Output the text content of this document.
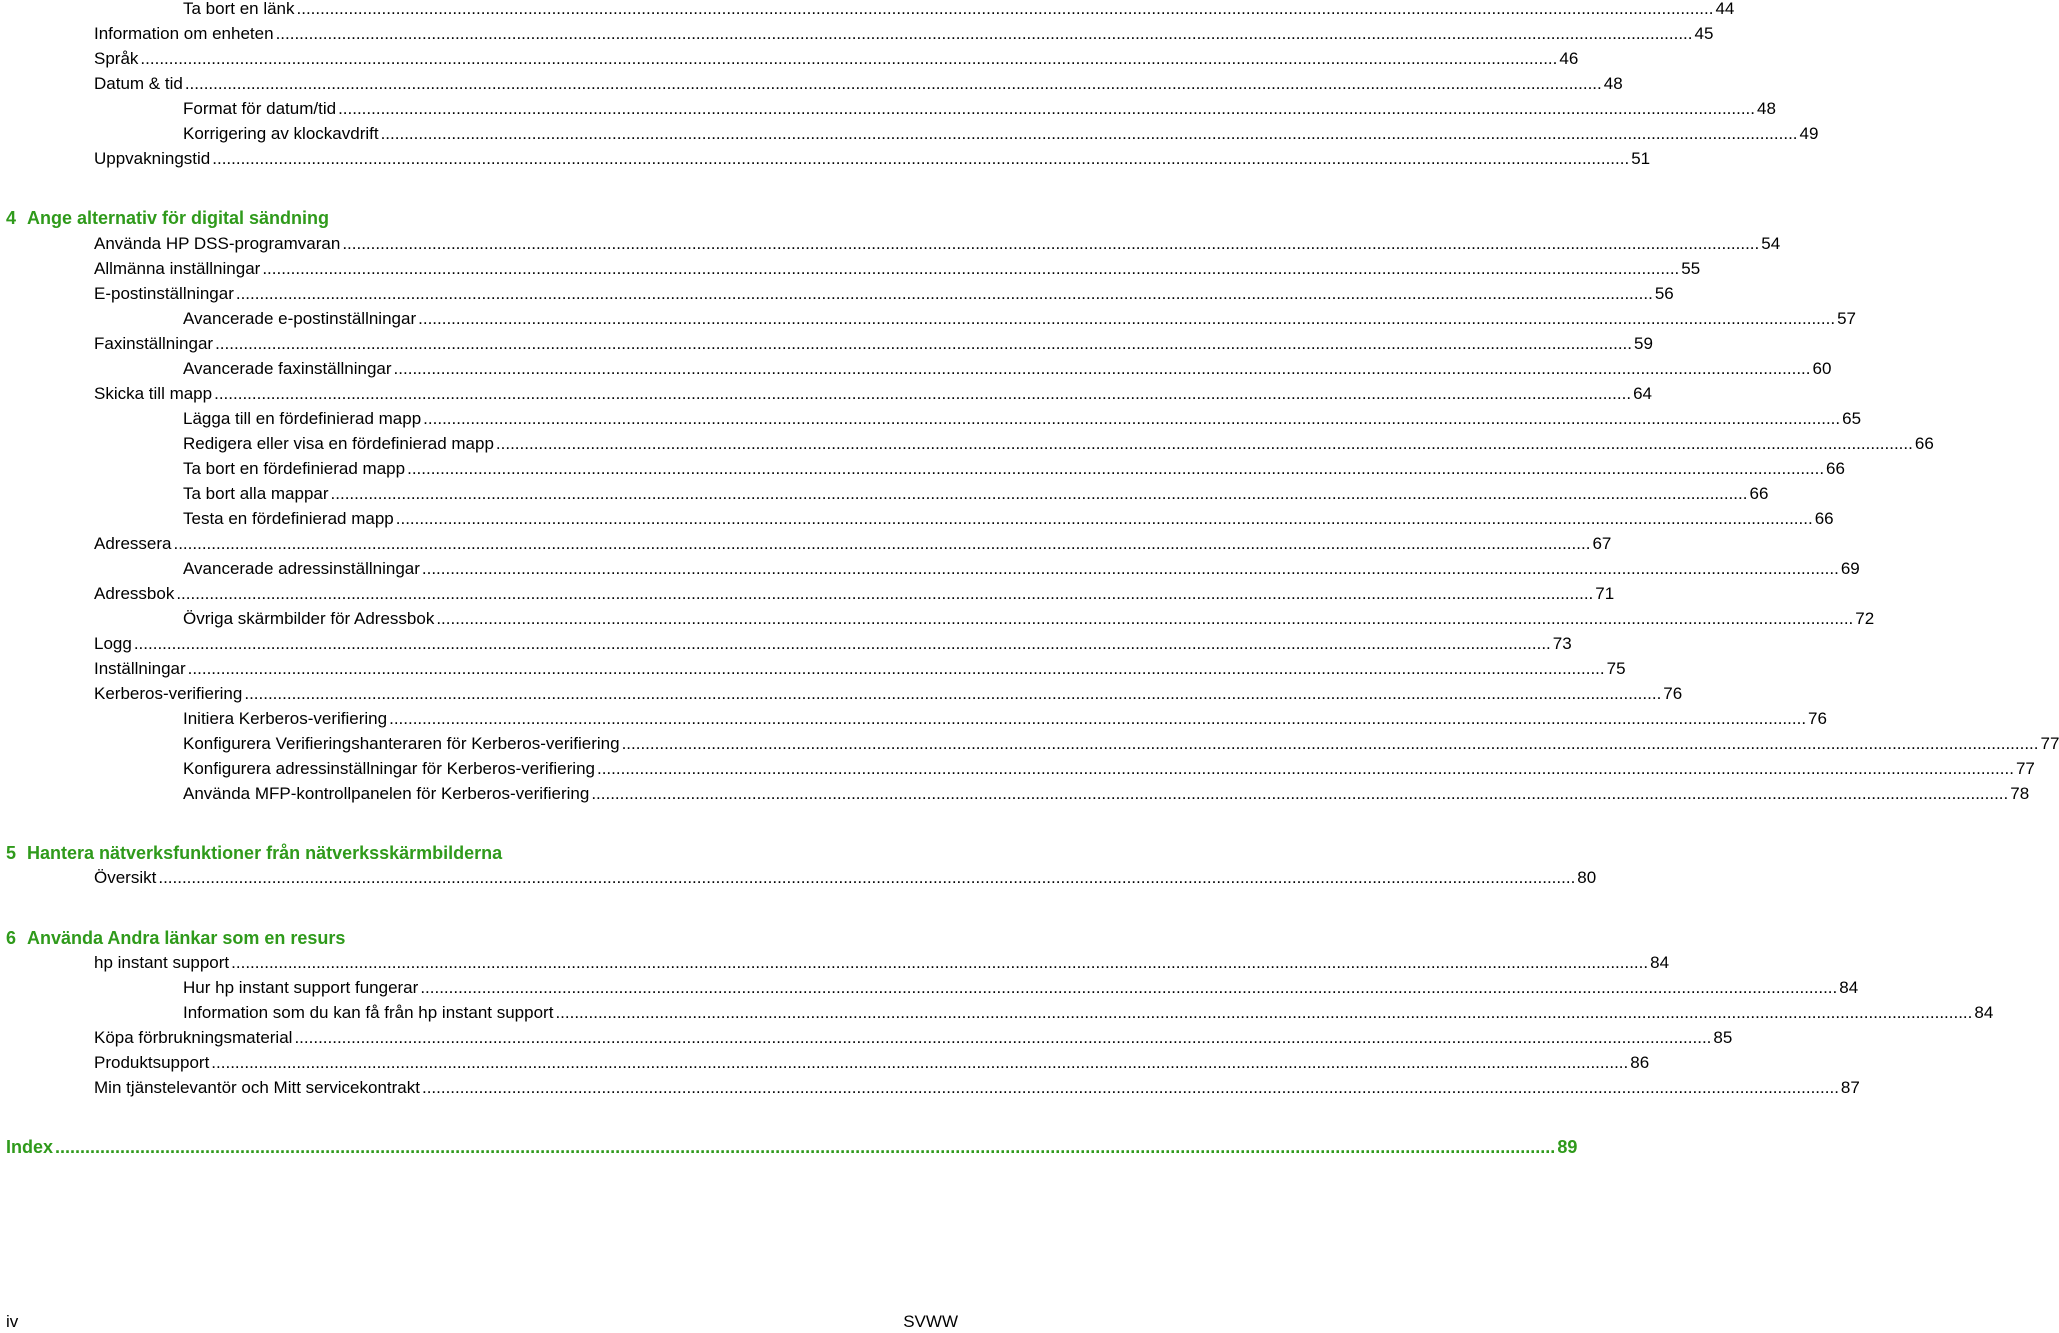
Ta bort en länk ............................................................................................................................................................................................................................................................................................................ 44
Information om enheten ............................................................................................................................................................................................................................................................................................................ 45
Språk ............................................................................................................................................................................................................................................................................................................ 46
Datum & tid ............................................................................................................................................................................................................................................................................................................ 48
Format för datum/tid ............................................................................................................................................................................................................................................................................................................ 48
Korrigering av klockavdrift ............................................................................................................................................................................................................................................................................................................ 49
Uppvakningstid ............................................................................................................................................................................................................................................................................................................ 51
4 Ange alternativ för digital sändning
Använda HP DSS-programvaran ............................................................................................................................................................................................................................................................................................................ 54
Allmänna inställningar ............................................................................................................................................................................................................................................................................................................ 55
E-postinställningar ............................................................................................................................................................................................................................................................................................................ 56
Avancerade e-postinställningar ............................................................................................................................................................................................................................................................................................................ 57
Faxinställningar ............................................................................................................................................................................................................................................................................................................ 59
Avancerade faxinställningar ............................................................................................................................................................................................................................................................................................................ 60
Skicka till mapp ............................................................................................................................................................................................................................................................................................................ 64
Lägga till en fördefinierad mapp ............................................................................................................................................................................................................................................................................................................ 65
Redigera eller visa en fördefinierad mapp ............................................................................................................................................................................................................................................................................................................ 66
Ta bort en fördefinierad mapp ............................................................................................................................................................................................................................................................................................................ 66
Ta bort alla mappar ............................................................................................................................................................................................................................................................................................................ 66
Testa en fördefinierad mapp ............................................................................................................................................................................................................................................................................................................ 66
Adressera ............................................................................................................................................................................................................................................................................................................ 67
Avancerade adressinställningar ............................................................................................................................................................................................................................................................................................................ 69
Adressbok ............................................................................................................................................................................................................................................................................................................ 71
Övriga skärmbilder för Adressbok ............................................................................................................................................................................................................................................................................................................ 72
Logg ............................................................................................................................................................................................................................................................................................................ 73
Inställningar ............................................................................................................................................................................................................................................................................................................ 75
Kerberos-verifiering ............................................................................................................................................................................................................................................................................................................ 76
Initiera Kerberos-verifiering ............................................................................................................................................................................................................................................................................................................ 76
Konfigurera Verifieringshanteraren för Kerberos-verifiering ............................................................................................................................................................................................................................................................................................................ 77
Konfigurera adressinställningar för Kerberos-verifiering ............................................................................................................................................................................................................................................................................................................ 77
Använda MFP-kontrollpanelen för Kerberos-verifiering ............................................................................................................................................................................................................................................................................................................ 78
5 Hantera nätverksfunktioner från nätverksskärmbilderna
Översikt ............................................................................................................................................................................................................................................................................................................ 80
6 Använda Andra länkar som en resurs
hp instant support ............................................................................................................................................................................................................................................................................................................ 84
Hur hp instant support fungerar ............................................................................................................................................................................................................................................................................................................ 84
Information som du kan få från hp instant support ............................................................................................................................................................................................................................................................................................................ 84
Köpa förbrukningsmaterial ............................................................................................................................................................................................................................................................................................................ 85
Produktsupport ............................................................................................................................................................................................................................................................................................................ 86
Min tjänstelevantör och Mitt servicekontrakt ............................................................................................................................................................................................................................................................................................................ 87
Index ............................................................................................................................................................................................................................................................................................................ 89
iv	SVWW
